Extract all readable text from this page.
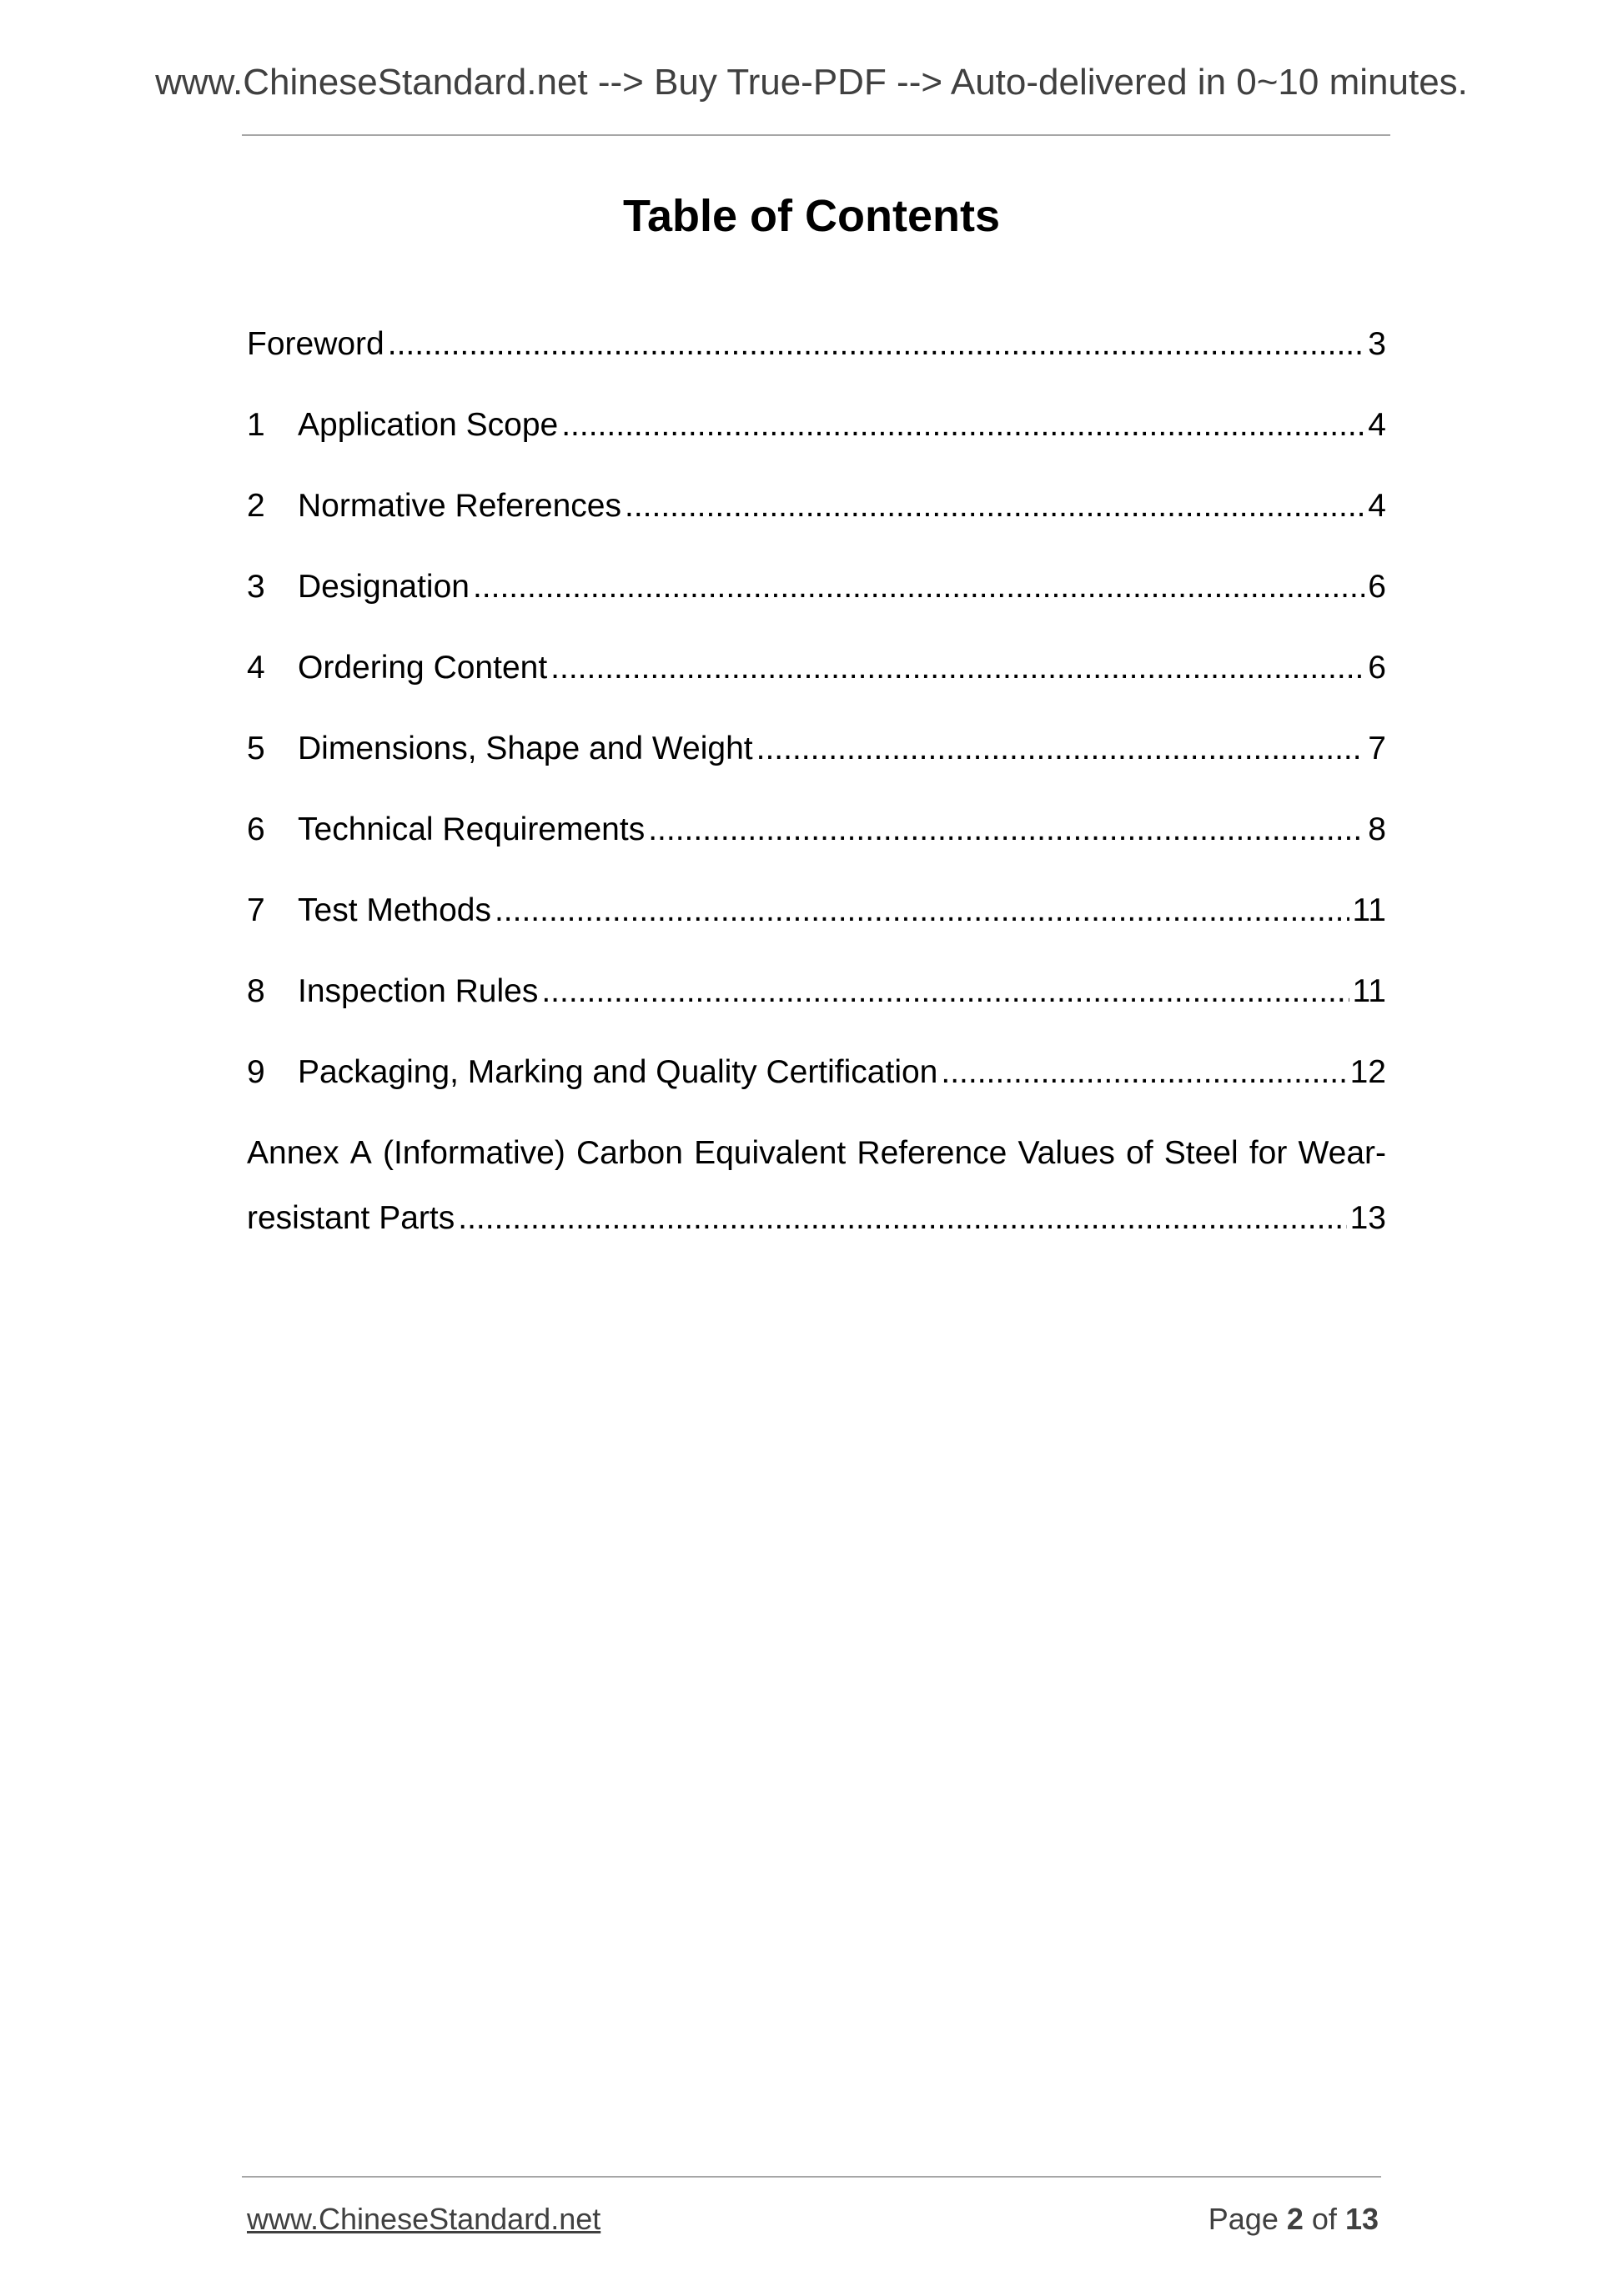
www.ChineseStandard.net --> Buy True-PDF --> Auto-delivered in 0~10 minutes.
Table of Contents
Foreword .....	3
1	Application Scope .....	4
2	Normative References .....	4
3	Designation .....	6
4	Ordering Content .....	6
5	Dimensions, Shape and Weight .....	7
6	Technical Requirements .....	8
7	Test Methods .....	11
8	Inspection Rules .....	11
9	Packaging, Marking and Quality Certification .....	12
Annex A (Informative) Carbon Equivalent Reference Values of Steel for Wear-
resistant Parts .....	13
www.ChineseStandard.net	Page 2 of 13
